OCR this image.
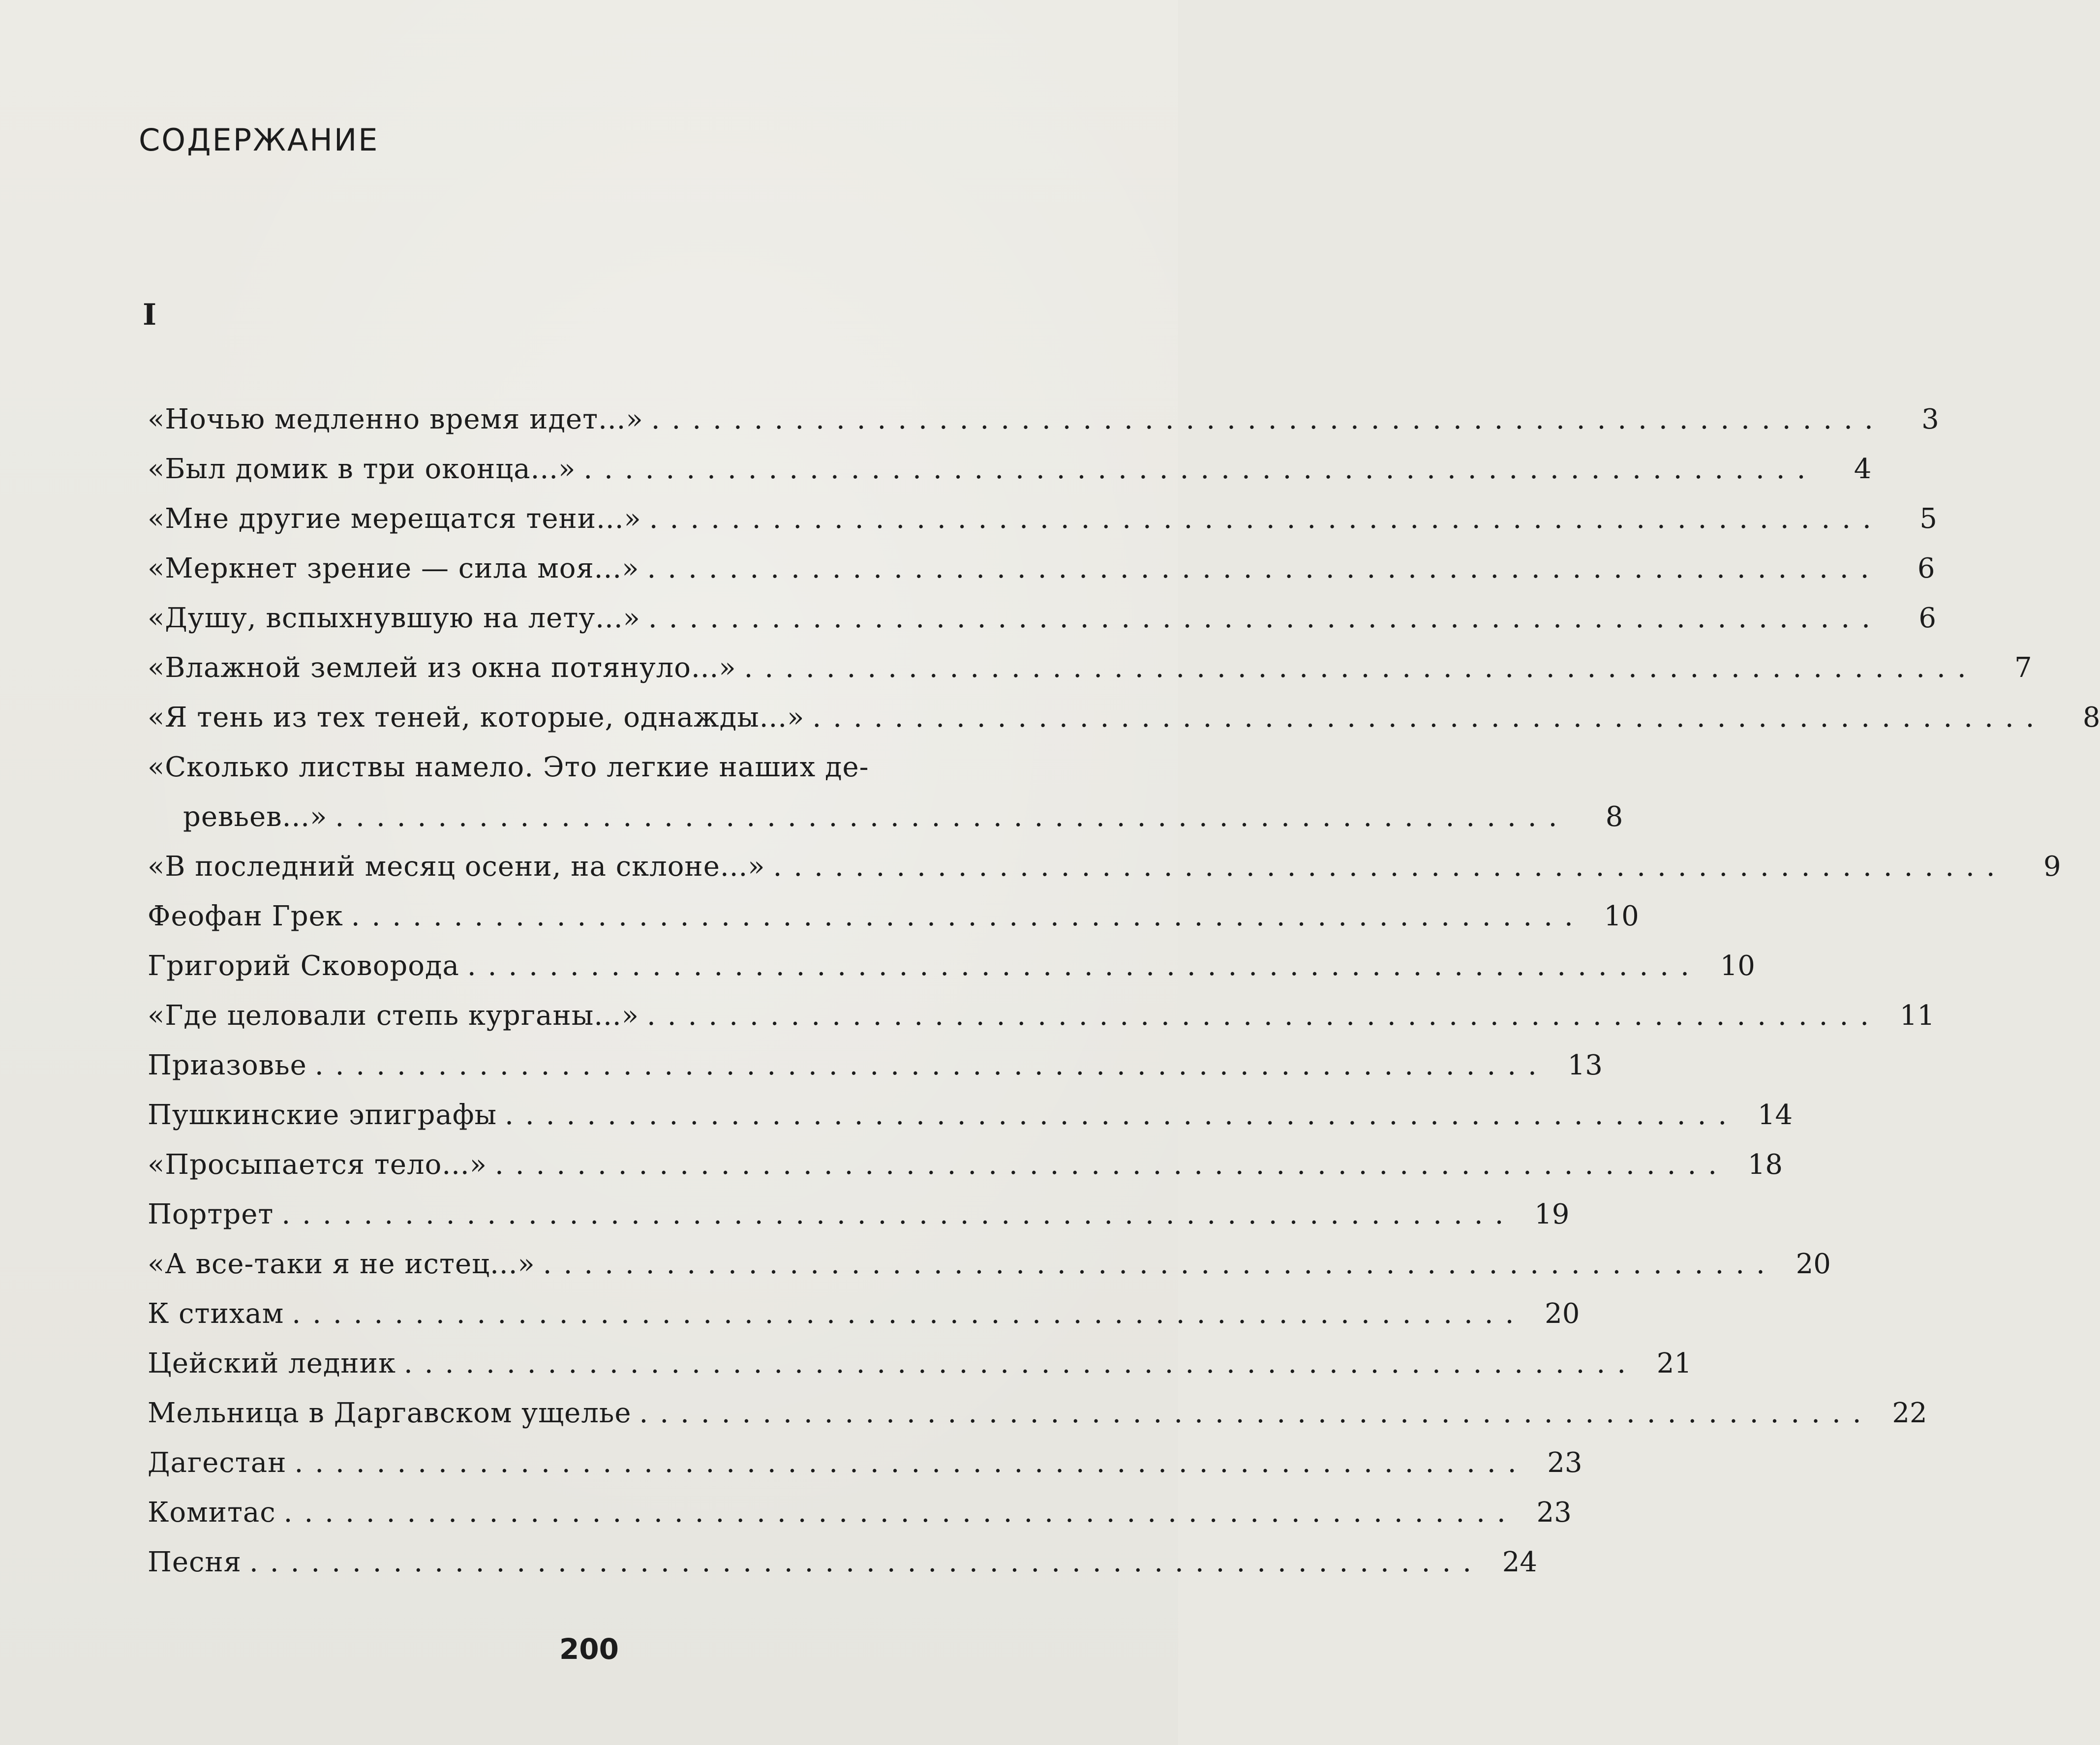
СОДЕРЖАНИЕ
I
«Ночью медленно время идет...» ............................................................	3
«Был домик в три оконца...» ............................................................	4
«Мне другие мерещатся тени...» ............................................................	5
«Меркнет зрение — сила моя...» ............................................................	6
«Душу, вспыхнувшую на лету...» ............................................................	6
«Влажной землей из окна потянуло...» ............................................................	7
«Я тень из тех теней, которые, однажды...» ............................................................	8
«Сколько листвы намело. Это легкие наших де-
ревьев...» ............................................................	8
«В последний месяц осени, на склоне...» ............................................................	9
Феофан Грек ............................................................ 10
Григорий Сковорода ............................................................ 10
«Где целовали степь курганы...» ............................................................ 11
Приазовье ............................................................ 13
Пушкинские эпиграфы ............................................................ 14
«Просыпается тело...» ............................................................ 18
Портрет ............................................................ 19
«А все-таки я не истец...» ............................................................ 20
К стихам ............................................................ 20
Цейский ледник ............................................................ 21
Мельница в Даргавском ущелье ............................................................ 22
Дагестан ............................................................ 23
Комитас ............................................................ 23
Песня ............................................................ 24
200
